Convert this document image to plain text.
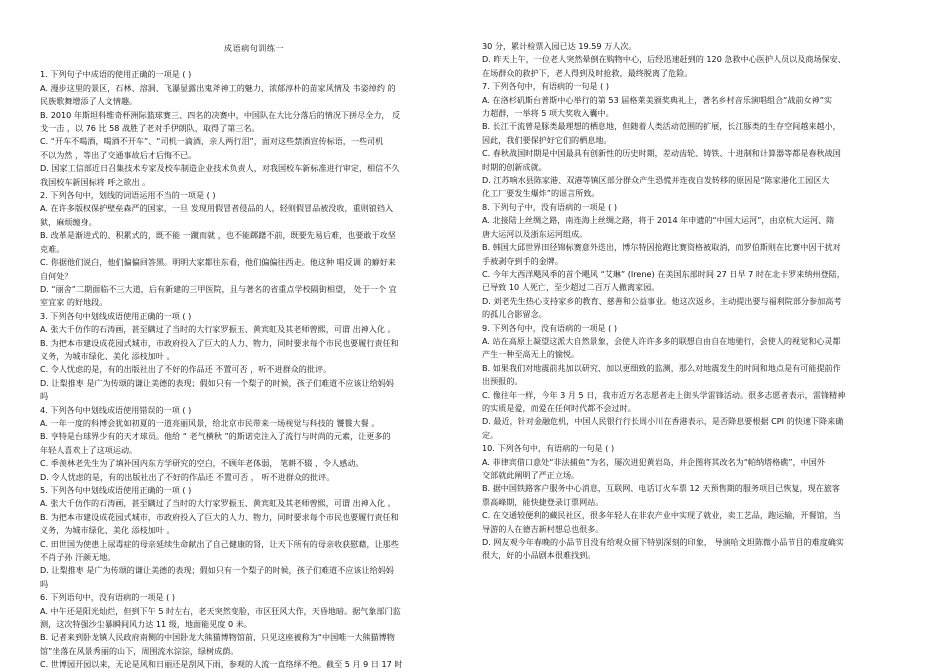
成语病句训练一
1. 下列句子中成语的使用正确的一项是 ( )
A. 漫步这里的景区，石林、溶洞、飞瀑显露出鬼斧神工的魅力，浓郁淳朴的苗家风情及 韦姿绰约 的
民族歌舞增添了人文情趣。
B. 2010 年斯坦科维奇杯洲际篮球赛三、四名的决赛中，中国队在大比分落后的情况下拼尽全力， 反
戈一击 ，以 76 比 58 战胜了老对手伊朗队，取得了第三名。
C. “开车不喝酒，喝酒不开车”、“司机一滴酒，亲人两行泪”，面对这些禁酒宣传标语，一些司机
不以为然 ，等出了交通事故后才后悔不已。
D. 国家工信部近日召集技术专家及校车制造企业技术负责人，对我国校车新标准进行审定，相信不久
我国校车新国标将 呼之欲出 。
2. 下列各句中，划线的词语运用不当的一项是 ( )
A. 在许多版权保护壁垒森严的国家，一旦 发现用假冒者侵品的人，轻则假冒品被没收，重则锒铛入
狱，麻烦缠身。
B. 改革是渐进式的、积累式的，既不能 一蹴而就 ，也不能踯躇不前，既要先易后难，也要敢于攻坚
克难。
C. 你据他们说白，他们偏偏回答黑。明明大家都往东看，他们偏偏往西走。他这种 唱反调 的癖好来
自何处？
D. “丽舍”二期面临不三大道，后有新建的三甲医院，且与著名的省重点学校隔街相望， 处于一个 宜
室宜家 的好地段。
3. 下列各句中划线成语使用正确的一项 ( )
A. 张大千仿作的石涛画，甚至瞒过了当时的大行家罗振玉、黄宾虹及其老师曾熙，可谓 出神入化 。
B. 为把本市建设成花园式城市，市政府投入了巨大的人力、物力，同时要求每个市民也要履行责任和
义务，为城市绿化、美化 添枝加叶 。
C. 令人忧虑的是，有的出版社出了不好的作品还 不置可否 ，听不进群众的批评。
D. 让梨推枣 是广为传颂的谦让美德的表现；假如只有一个梨子的时候，孩子们难道不应该让给妈妈
吗
4. 下列各句中划线成语使用错误的一项 ( )
A. 一年一度的科博会犹如初夏的一道亮丽风景，给北京市民带来一场视觉与科技的 饕餮大餐 。
B. 亨特是台球界少有的天才球员。他给 “ 老气横秋 ”的斯诺克注入了流行与时尚的元素，让更多的
年轻人喜欢上了这项运动。
C. 季羡林老先生为了填补国内东方学研究的空白，不顾年老体弱， 笔耕不辍 ，令人感动。
D. 令人忧虑的是，有的出版社出了不好的作品还 不置可否 ， 听不进群众的批评。
5. 下列各句中划线成语使用正确的一项 ( )
A. 张大千仿作的石涛画，甚至瞒过了当时的大行家罗振玉、黄宾虹及其老师曾熙，可谓 出神入化 。
B. 为把本市建设成花园式城市，市政府投入了巨大的人力、物力，同时要求每个市民也要履行责任和
义务，为城市绿化、美化 添枝加叶 。
C. 田世国为使患上尿毒症的母亲延续生命献出了自己健康的肾，让天下所有的母亲收获慰藉，让那些
不肖子孙 汗颜无地。
D. 让梨推枣 是广为传颂的谦让美德的表现；假如只有一个梨子的时候，孩子们难道不应该让给妈妈
吗
6. 下列语句中，没有语病的一项是 ( )
A. 中午还是阳光灿烂，但到下午 5 时左右，老天突然变脸，市区狂风大作，天昏地暗。据气象部门监
测，这次特强沙尘暴瞬间风力达 11 级，地面能见度 0 米。
B. 记者来到卧龙镇人民政府南侧的中国卧龙大熊猫博物馆前，只见这座被称为“中国唯一大熊猫博物
馆”坐落在风景秀丽的山下，周围流水淙淙，绿树成荫。
C. 世博园开园以来，无论是风和日丽还是刮风下雨，参观的人流一直络绎不绝。截至 5 月 9 日 17 时
30 分，累计检票入园已达 19.59 万人次。
D. 昨天上午，一位老人突然晕倒在购物中心，后经迅速赶到的 120 急救中心医护人员以及商场保安、
在场群众的救护下，老人得到及时抢救，最终脱离了危险。
7. 下列各句中，有语病的一句是 ( )
A. 在洛杉矶斯台普斯中心举行的第 53 届格莱美颁奖典礼上，著名乡村音乐演唱组合“战前女神”实
力超群，一举将 5 项大奖收入囊中。
B. 长江干流曾是豚类最理想的栖息地，但随着人类活动范围的扩展，长江豚类的生存空间越来越小，
因此，我们要保护好它们的栖息地。
C. 春秋战国时期是中国最具有创新性的历史时期，差动齿轮、铸铁、十进制和计算器等都是春秋战国
时期的创新成就。
D. 江苏响水县陈家港、双港等镇区部分群众产生恐慌并连夜自发转移的原因是“陈家港化工园区大
化工厂要发生爆炸”的谣言所致。
8. 下列句子中，没有语病的一项是 ( )
A. 北接陆上丝绸之路，南连海上丝绸之路，将于 2014 年申遗的“中国大运河”，由京杭大运河、隋
唐大运河以及浙东运河组成。
B. 韩国大邱世界田径锦标赛意外迭出，博尔特因抢跑比赛资格被取消，而罗伯斯则在比赛中因干扰对
手被剥夺到手的金牌。
C. 今年大西洋飓风季的首个飓风 “艾琳” (Irene) 在美国东部时间 27 日早 7 时在北卡罗来纳州登陆，
已导致 10 人死亡，至少超过二百万人撤离家园。
D. 刘老先生热心支持家乡的教育、慈善和公益事业。他这次返乡，主动提出要与福利院部分参加高考
的孤儿合影留念。
9. 下列各句中，没有语病的一项是 ( )
A. 站在高原上凝望这派大自然景象，会使人许许多多的联想自由自在地驰行，会使人的视觉和心灵都
产生一种至高无上的愉悦。
B. 如果我们对地震前兆加以研究、加以更细致的监测，那么对地震发生的时间和地点是有可能提前作
出预报的。
C. 像往年一样，今年 3 月 5 日，我市近万名志愿者走上街头学雷锋活动。很多志愿者表示，雷锋精神
的实质是爱，而爱在任何时代都不会过时。
D. 最近，针对金融危机，中国人民银行行长周小川在香港表示，是否降息要根据 CPI 的快速下降来确
定。
10. 下列各句中，有语病的一句是 ( )
A. 菲律宾借口意处“非法捕鱼”为名，屡次进犯黄岩岛，并企图将其改名为“帕纳塔格礁”，中国外
交部就此阐明了严正立场。
B. 据中国铁路客户服务中心消息，互联网、电话订火车票 12 天预售期的服务项目已恢复，现在旅客
票高峰期，能快捷登录订票网站。
C. 在交通较便利的藏民社区，很多年轻人在非农产业中实现了就业，卖工艺品，跑运输，开餐馆，当
导游的人在德吉新村想总也很多。
D. 网友观今年春晚的小品节目没有给观众留下特别深刻的印象， 导演哈文坦陈微小品节目的难度确实
很大，好的小品剧本很难找到。
